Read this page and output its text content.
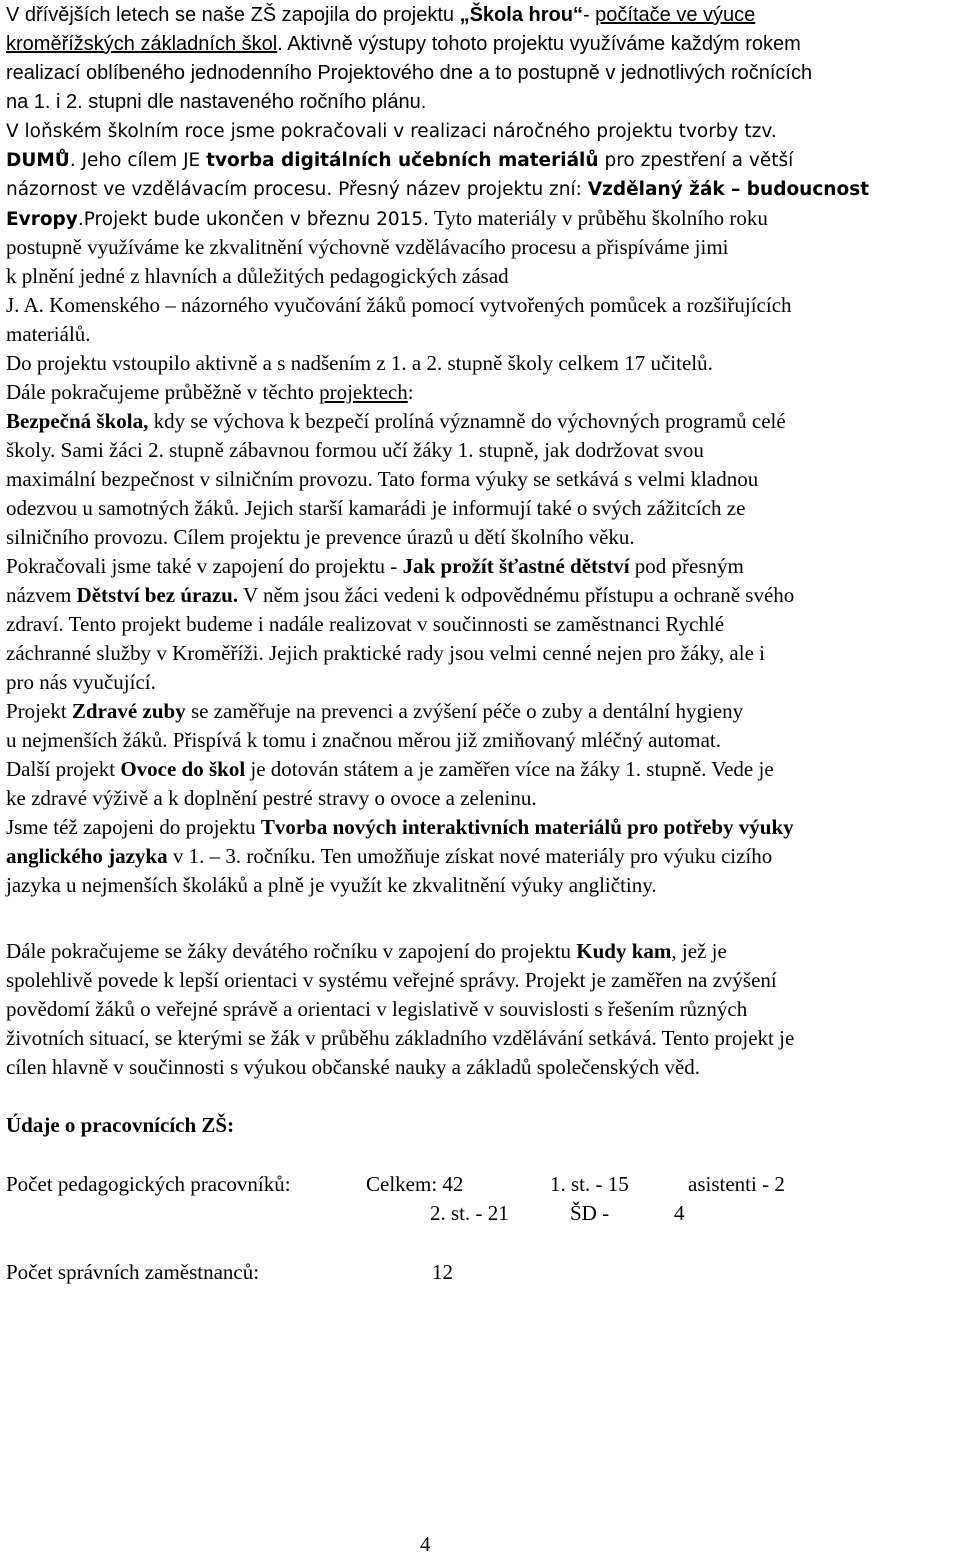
V dřívějších letech se naše ZŠ zapojila do projektu „Škola hrou“- počítače ve výuce
kroměřížských základních škol. Aktivně výstupy tohoto projektu využíváme každým rokem
realizací oblíbeného jednodenního Projektového dne a to postupně v jednotlivých ročnících
na 1. i 2. stupni dle nastaveného ročního plánu.
V loňském školním roce jsme pokračovali v realizaci náročného projektu tvorby tzv.
DUMŮ. Jeho cílem JE tvorba digitálních učebních materiálů pro zpestření a větší
názornost ve vzdělávacím procesu. Přesný název projektu zní: Vzdělaný žák – budoucnost
Evropy.Projekt bude ukončen v březnu 2015. Tyto materiály v průběhu školního roku
postupně využíváme ke zkvalitnění výchovně vzdělávacího procesu a přispíváme jimi
k plnění jedné z hlavních a důležitých pedagogických zásad
J. A. Komenského – názorného vyučování žáků pomocí vytvořených pomůcek a rozšiřujících
materiálů.
Do projektu vstoupilo aktivně a s nadšením z 1. a 2. stupně školy celkem 17 učitelů.
Dále pokračujeme průběžně v těchto projektech:
Bezpečná škola, kdy se výchova k bezpečí prolíná významně do výchovných programů celé
školy. Sami žáci 2. stupně zábavnou formou učí žáky 1. stupně, jak dodržovat svou
maximální bezpečnost v silničním provozu. Tato forma výuky se setkává s velmi kladnou
odezvou u samotných žáků. Jejich starší kamarádi je informují také o svých zážitcích ze
silničního provozu. Cílem projektu je prevence úrazů u dětí školního věku.
Pokračovali jsme také v zapojení do projektu - Jak prožít šťastné dětství pod přesným
názvem Dětství bez úrazu. V něm jsou žáci vedeni k odpovědnému přístupu a ochraně svého
zdraví. Tento projekt budeme i nadále realizovat v součinnosti se zaměstnanci Rychlé
záchranné služby v Kroměříži. Jejich praktické rady jsou velmi cenné nejen pro žáky, ale i
pro nás vyučující.
Projekt Zdravé zuby se zaměřuje na prevenci a zvýšení péče o zuby a dentální hygieny
u nejmenších žáků. Přispívá k tomu i značnou měrou již zmiňovaný mléčný automat.
Další projekt Ovoce do škol je dotován státem a je zaměřen více na žáky 1. stupně. Vede je
ke zdravé výživě a k doplnění pestré stravy o ovoce a zeleninu.
Jsme též zapojeni do projektu Tvorba nových interaktivních materiálů pro potřeby výuky
anglického jazyka v 1. – 3. ročníku. Ten umožňuje získat nové materiály pro výuku cizího
jazyka u nejmenších školáků a plně je využít ke zkvalitnění výuky angličtiny.
Dále pokračujeme se žáky devátého ročníku v zapojení do projektu Kudy kam, jež je
spolehlivě povede k lepší orientaci v systému veřejné správy. Projekt je zaměřen na zvýšení
povědomí žáků o veřejné správě a orientaci v legislativě v souvislosti s řešením různých
životních situací, se kterými se žák v průběhu základního vzdělávání setkává. Tento projekt je
cílen hlavně v součinnosti s výukou občanské nauky a základů společenských věd.
Údaje o pracovnících ZŠ:
Počet pedagogických pracovníků:	Celkem: 42	1. st. - 15	asistenti - 2
2. st. - 21	ŠD -	4
Počet správních zaměstnanců:	12
4
